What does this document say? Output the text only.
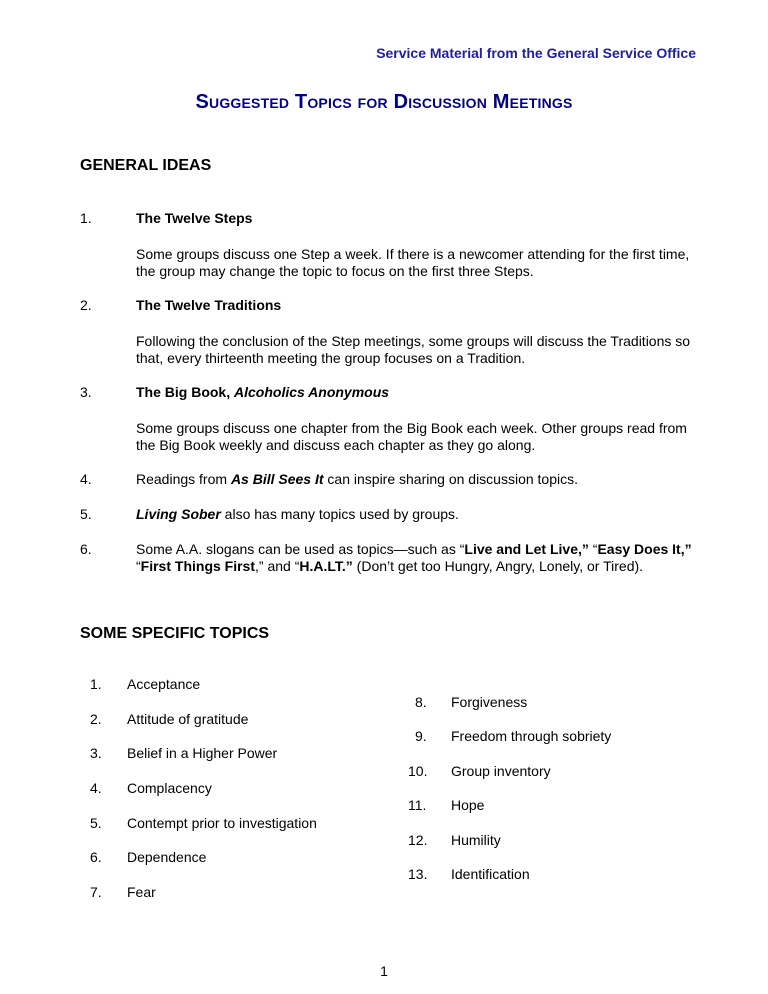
Service Material from the General Service Office
Suggested Topics for Discussion Meetings
GENERAL IDEAS
1.	The Twelve Steps
Some groups discuss one Step a week. If there is a newcomer attending for the first time, the group may change the topic to focus on the first three Steps.
2.	The Twelve Traditions
Following the conclusion of the Step meetings, some groups will discuss the Traditions so that, every thirteenth meeting the group focuses on a Tradition.
3.	The Big Book, Alcoholics Anonymous
Some groups discuss one chapter from the Big Book each week. Other groups read from the Big Book weekly and discuss each chapter as they go along.
4.	Readings from As Bill Sees It can inspire sharing on discussion topics.
5.	Living Sober also has many topics used by groups.
6.	Some A.A. slogans can be used as topics—such as “Live and Let Live,” “Easy Does It,” “First Things First,” and “H.A.LT.” (Don’t get too Hungry, Angry, Lonely, or Tired).
SOME SPECIFIC TOPICS
1. Acceptance
2. Attitude of gratitude
3. Belief in a Higher Power
4. Complacency
5. Contempt prior to investigation
6. Dependence
7. Fear
8. Forgiveness
9. Freedom through sobriety
10. Group inventory
11. Hope
12. Humility
13. Identification
1
